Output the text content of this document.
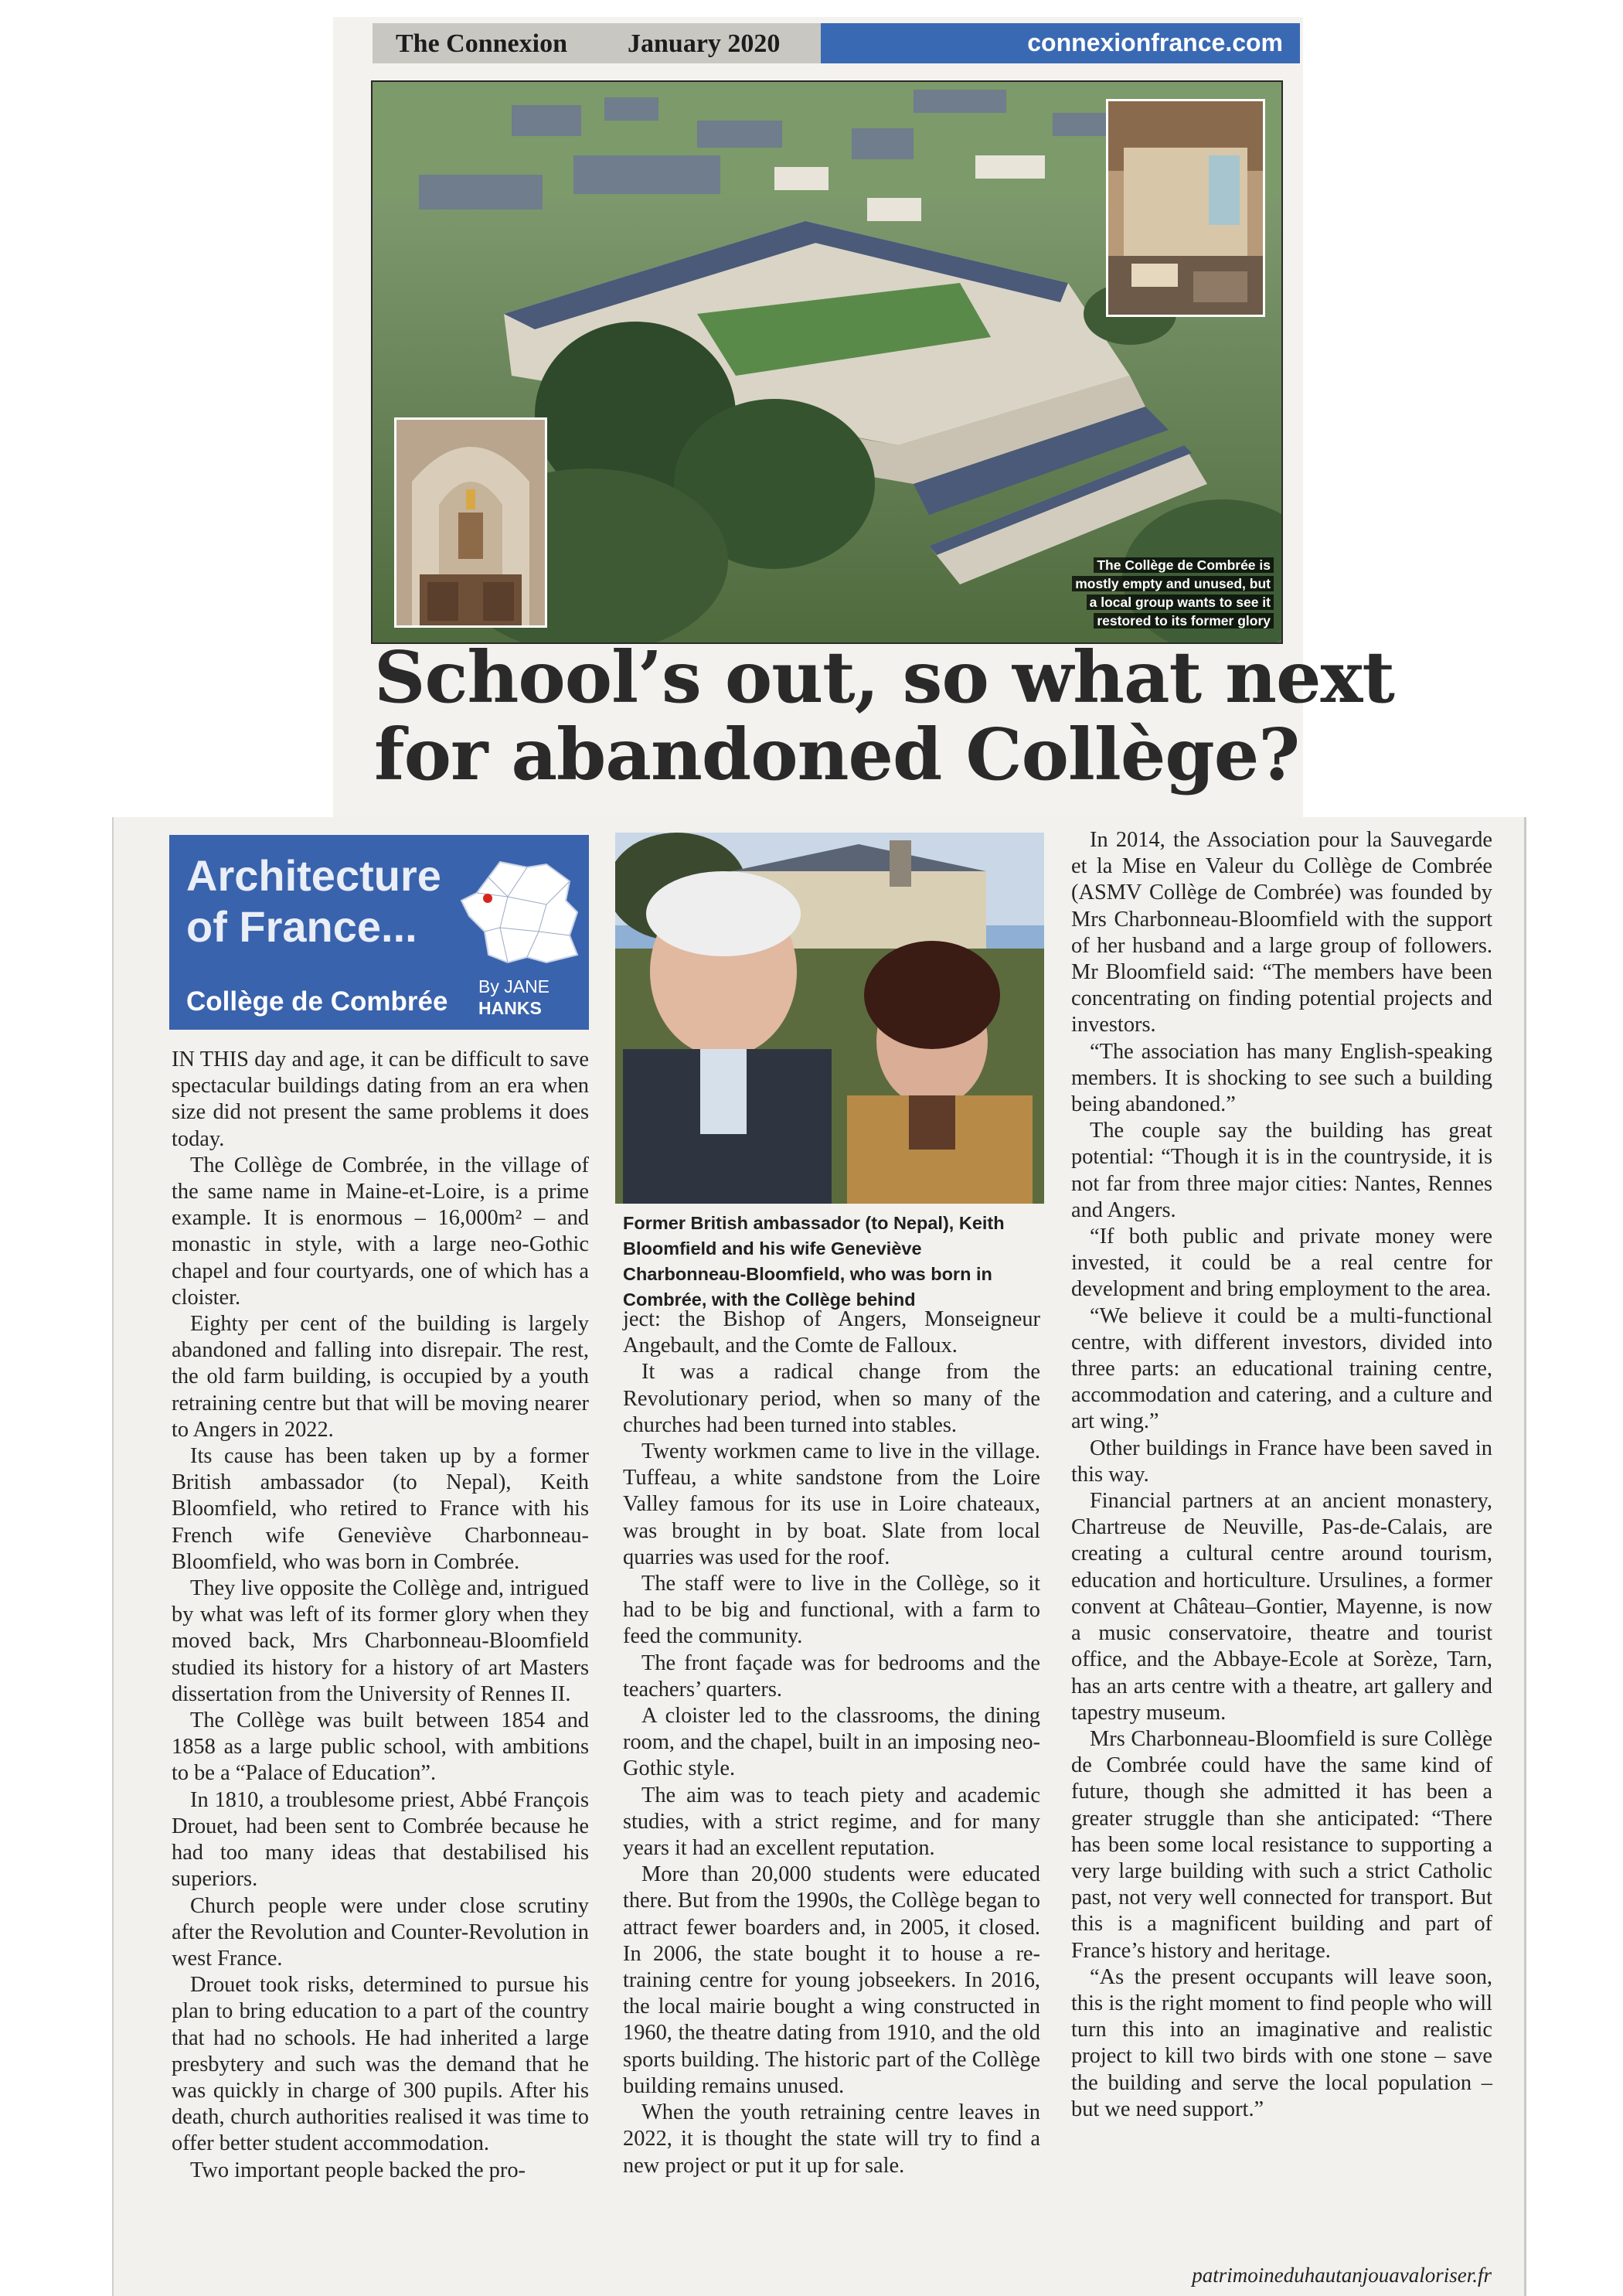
The Connexion January 2020	connexionfrance.com
The Collège de Combrée is
mostly empty and unused, but
a local group wants to see it
restored to its former glory
School’s out, so what next
for abandoned Collège?
Architecture
of France...
Collège de Combrée By JANE
HANKS
Former British ambassador (to Nepal), Keith Bloomfield and his wife Geneviève Charbonneau-Bloomfield, who was born in Combrée, with the Collège behind

IN THIS day and age, it can be difficult to save spectacular buildings dating from an era when size did not present the same problems it does today.

The Collège de Combrée, in the village of the same name in Maine-et-Loire, is a prime example. It is enormous – 16,000m² – and monastic in style, with a large neo-Gothic chapel and four courtyards, one of which has a cloister.

Eighty per cent of the building is largely abandoned and falling into disrepair. The rest, the old farm building, is occupied by a youth retraining centre but that will be moving nearer to Angers in 2022.

Its cause has been taken up by a former British ambassador (to Nepal), Keith Bloomfield, who retired to France with his French wife Geneviève Charbonneau-Bloomfield, who was born in Combrée.

They live opposite the Collège and, intrigued by what was left of its former glory when they moved back, Mrs Charbonneau-Bloomfield studied its history for a history of art Masters dissertation from the University of Rennes II.

The Collège was built between 1854 and 1858 as a large public school, with ambitions to be a “Palace of Education”.

In 1810, a troublesome priest, Abbé François Drouet, had been sent to Combrée because he had too many ideas that destabilised his superiors.

Church people were under close scrutiny after the Revolution and Counter-Revolution in west France.

Drouet took risks, determined to pursue his plan to bring education to a part of the country that had no schools. He had inherited a large presbytery and such was the demand that he was quickly in charge of 300 pupils. After his death, church authorities realised it was time to offer better student accommodation.

Two important people backed the pro-

ject: the Bishop of Angers, Monseigneur Angebault, and the Comte de Falloux.

It was a radical change from the Revolutionary period, when so many of the churches had been turned into stables.

Twenty workmen came to live in the village. Tuffeau, a white sandstone from the Loire Valley famous for its use in Loire chateaux, was brought in by boat. Slate from local quarries was used for the roof.

The staff were to live in the Collège, so it had to be big and functional, with a farm to feed the community.

The front façade was for bedrooms and the teachers’ quarters.

A cloister led to the classrooms, the dining room, and the chapel, built in an imposing neo-Gothic style.

The aim was to teach piety and academic studies, with a strict regime, and for many years it had an excellent reputation.

More than 20,000 students were educated there. But from the 1990s, the Collège began to attract fewer boarders and, in 2005, it closed. In 2006, the state bought it to house a re-training centre for young jobseekers. In 2016, the local mairie bought a wing constructed in 1960, the theatre dating from 1910, and the old sports building. The historic part of the Collège building remains unused.

When the youth retraining centre leaves in 2022, it is thought the state will try to find a new project or put it up for sale.

In 2014, the Association pour la Sauvegarde et la Mise en Valeur du Collège de Combrée (ASMV Collège de Combrée) was founded by Mrs Charbonneau-Bloomfield with the support of her husband and a large group of followers. Mr Bloomfield said: “The members have been concentrating on finding potential projects and investors.

“The association has many English-speaking members. It is shocking to see such a building being abandoned.”

The couple say the building has great potential: “Though it is in the countryside, it is not far from three major cities: Nantes, Rennes and Angers.

“If both public and private money were invested, it could be a real centre for development and bring employment to the area.

“We believe it could be a multi-functional centre, with different investors, divided into three parts: an educational training centre, accommodation and catering, and a culture and art wing.”

Other buildings in France have been saved in this way.

Financial partners at an ancient monastery, Chartreuse de Neuville, Pas-de-Calais, are creating a cultural centre around tourism, education and horticulture. Ursulines, a former convent at Château–Gontier, Mayenne, is now a music conservatoire, theatre and tourist office, and the Abbaye-Ecole at Sorèze, Tarn, has an arts centre with a theatre, art gallery and tapestry museum.

Mrs Charbonneau-Bloomfield is sure Collège de Combrée could have the same kind of future, though she admitted it has been a greater struggle than she anticipated: “There has been some local resistance to supporting a very large building with such a strict Catholic past, not very well connected for transport. But this is a magnificent building and part of France’s history and heritage.

“As the present occupants will leave soon, this is the right moment to find people who will turn this into an imaginative and realistic project to kill two birds with one stone – save the building and serve the local population – but we need support.”

patrimoineduhautanjouavaloriser.fr
